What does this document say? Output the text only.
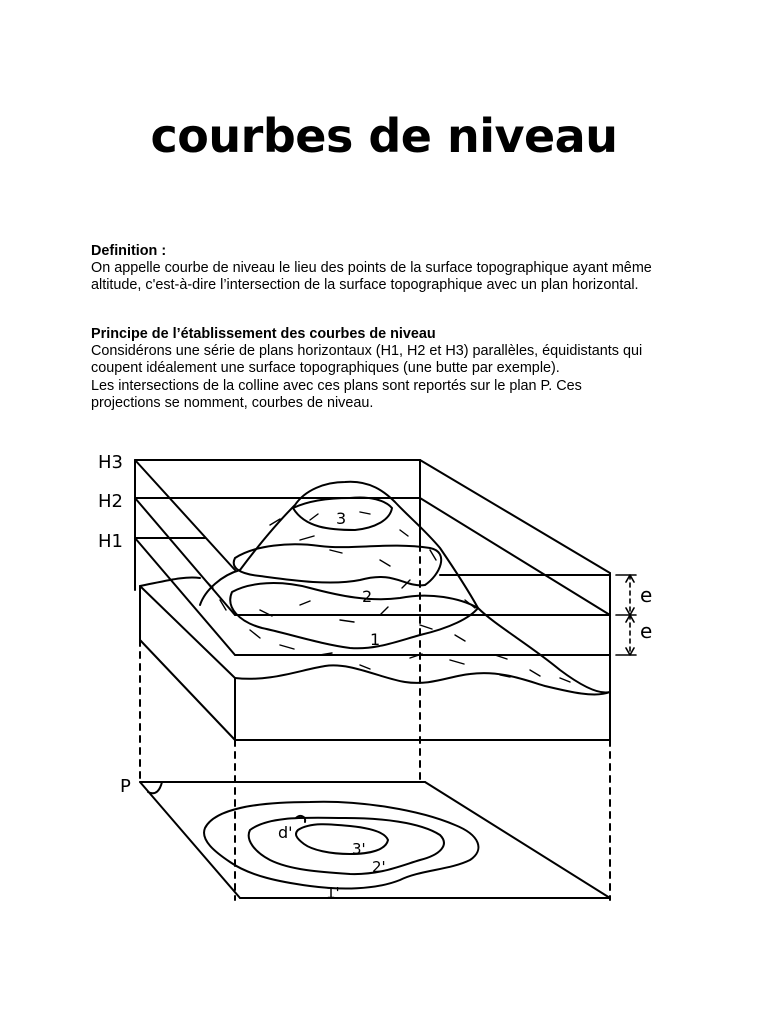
courbes de niveau
Definition :
On appelle courbe de niveau le lieu des points de la surface topographique ayant même
altitude, c'est-à-dire l’intersection de la surface topographique avec un plan horizontal.
Principe de l’établissement des courbes de niveau
Considérons une série de plans horizontaux (H1, H2 et H3) parallèles, équidistants qui
coupent idéalement une surface topographiques (une butte par exemple).
Les intersections de la colline avec ces plans sont reportés sur le plan P. Ces
projections se nomment, courbes de niveau.
H3
H2
H1
P
e
e
3
2
1
d'
3'
2'
1'
